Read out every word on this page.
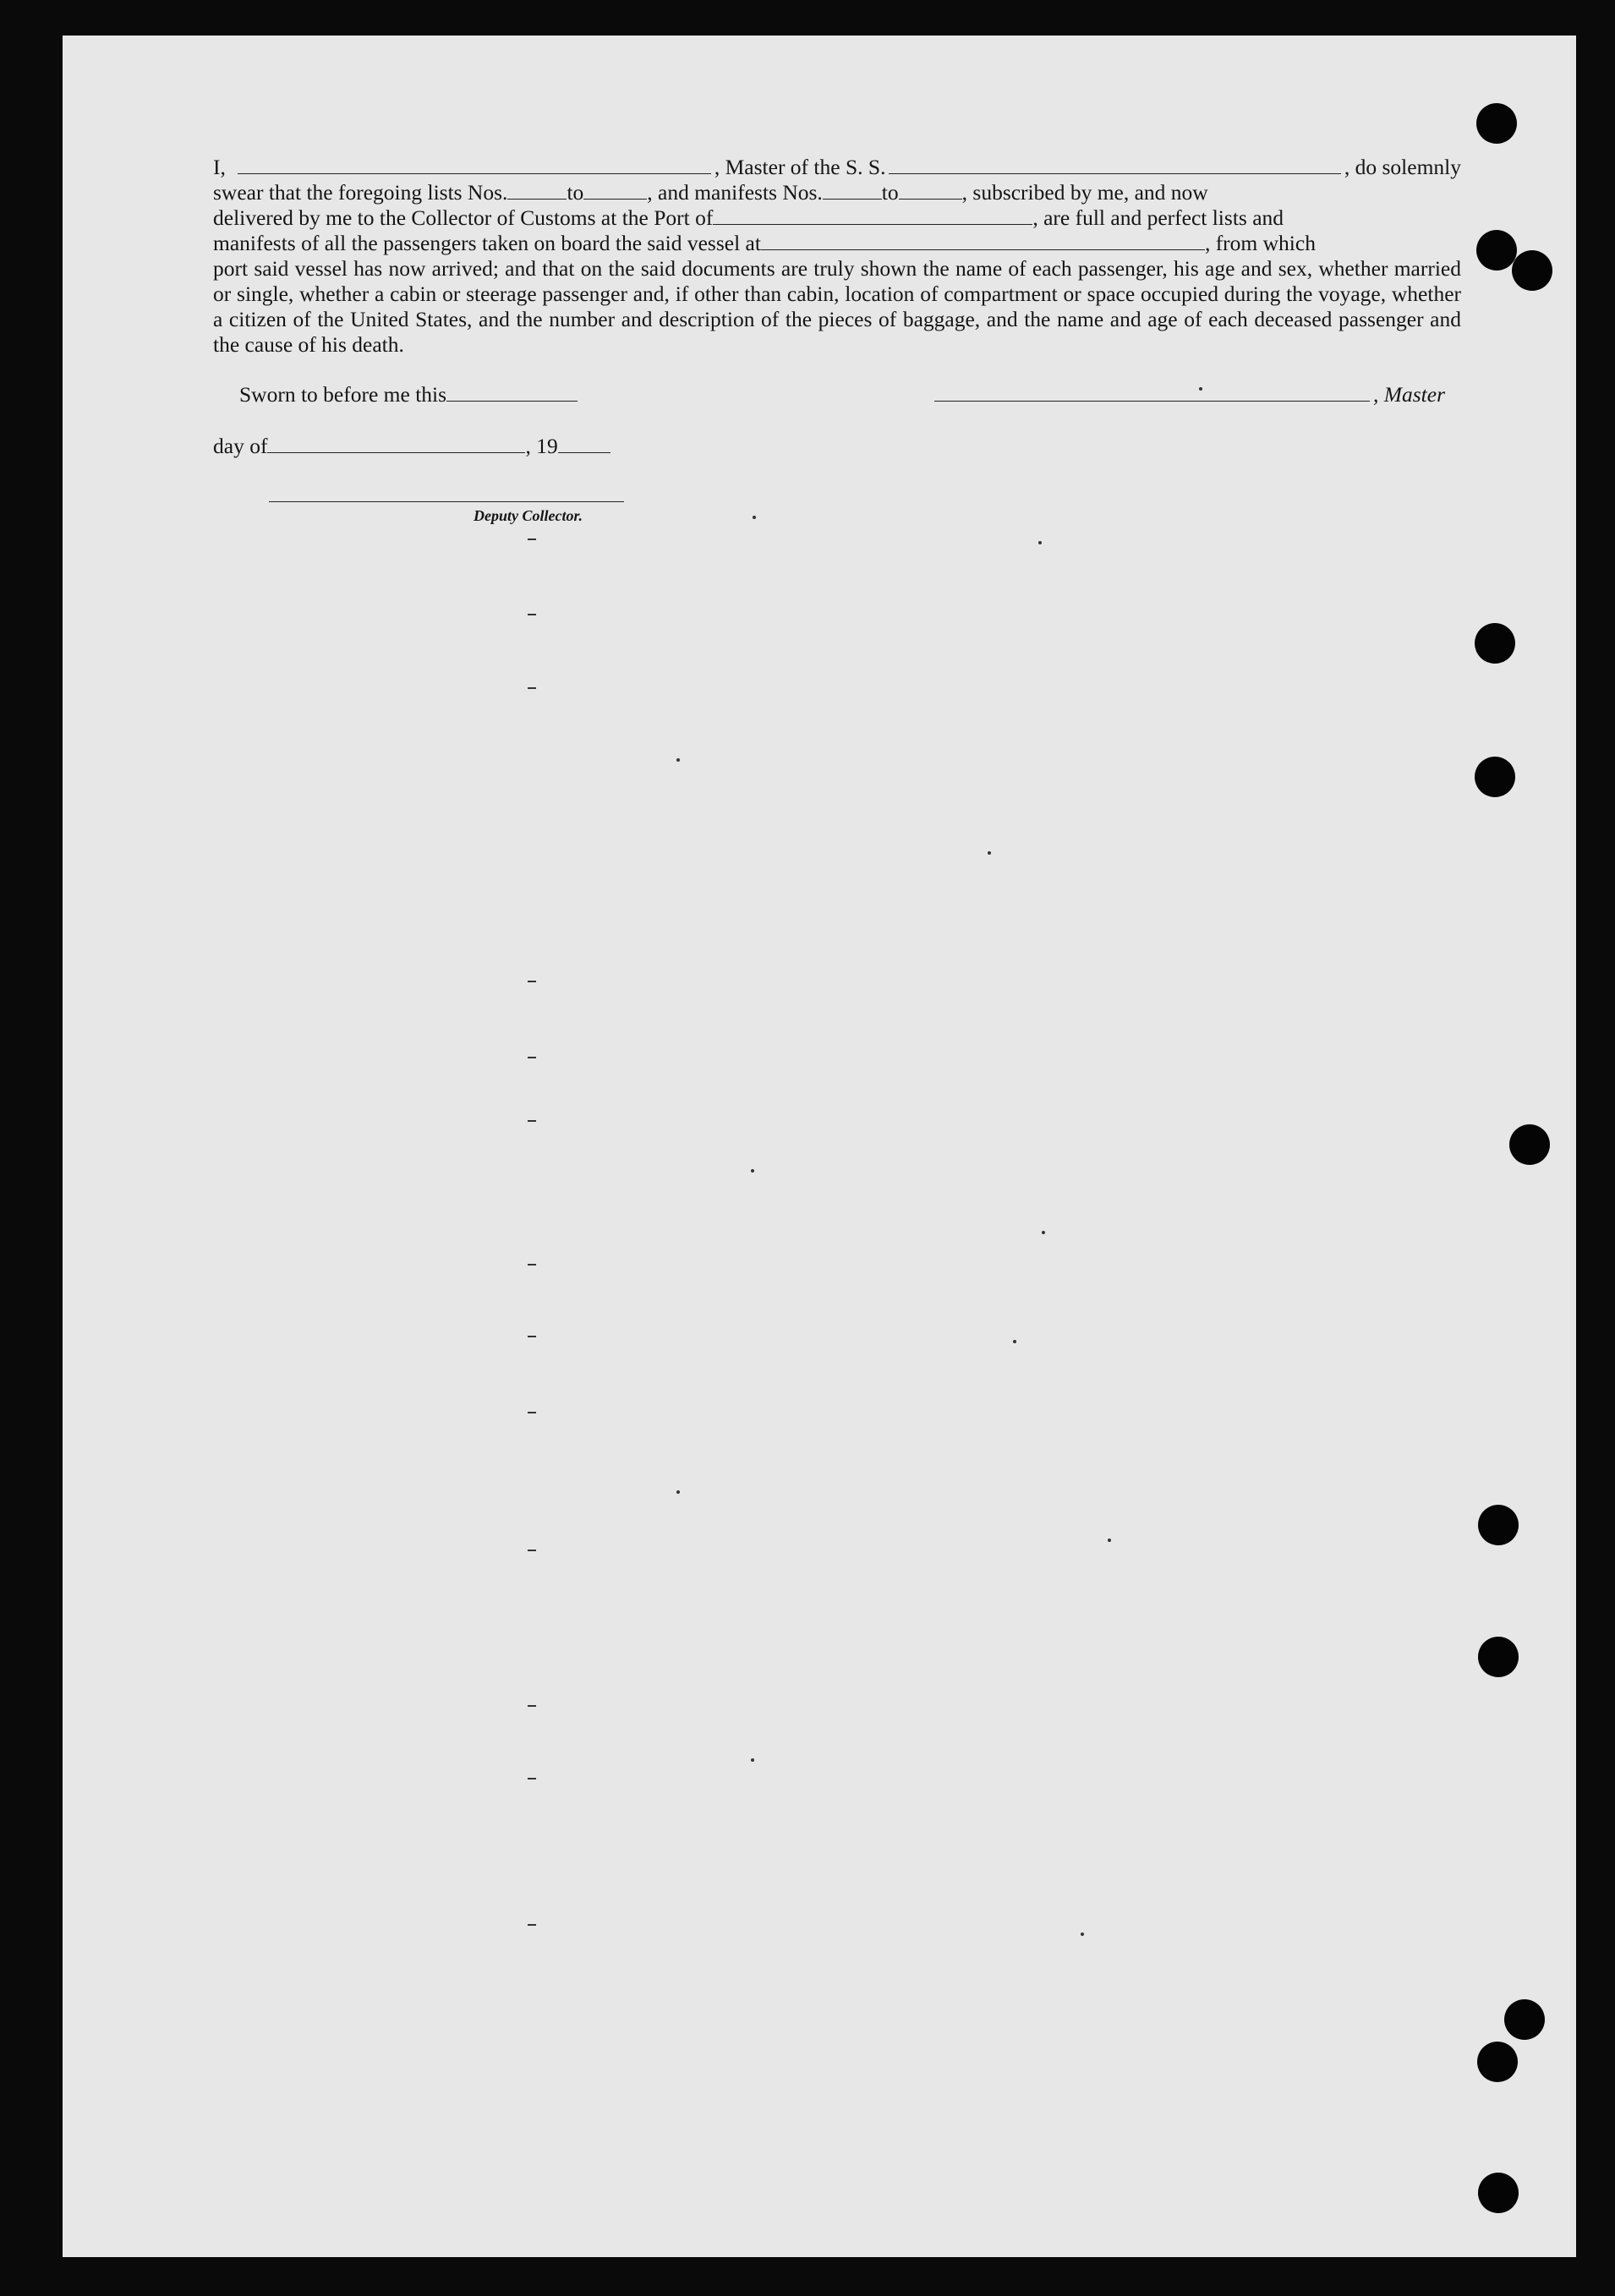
I,	, Master of the S. S.	, do solemnly
swear that the foregoing lists Nos.	to	, and manifests Nos.	to	, subscribed by me, and now
delivered by me to the Collector of Customs at the Port of	, are full and perfect lists and
manifests of all the passengers taken on board the said vessel at	, from which
port said vessel has now arrived; and that on the said documents are truly shown the name of each passenger, his age and sex, whether married or single, whether a cabin or steerage passenger and, if other than cabin, location of compartment or space occupied during the voyage, whether a citizen of the United States, and the number and description of the pieces of baggage, and the name and age of each deceased passenger and the cause of his death.
Sworn to before me this
day of	, 19
Deputy Collector.
, Master
